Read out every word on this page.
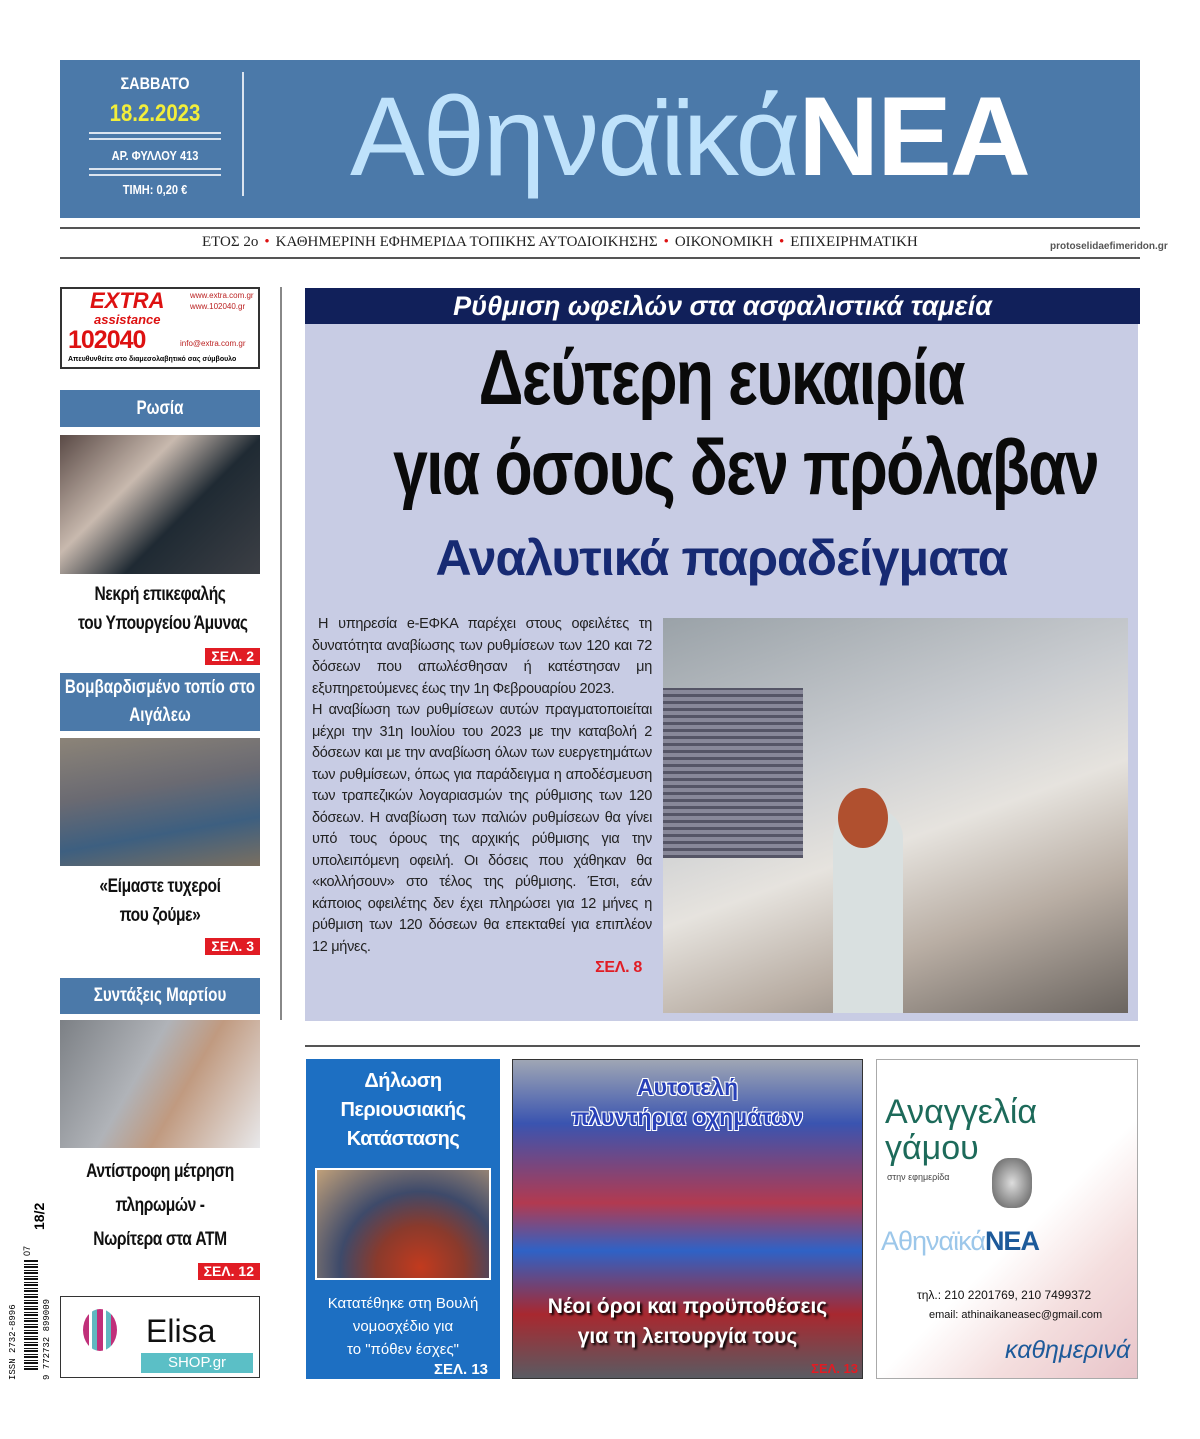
ΣΑΒΒΑΤΟ
18.2.2023
ΑΡ. ΦΥΛΛΟΥ 413
ΤΙΜΗ: 0,20 €	ΑθηναϊκάΝΕΑ
ΕΤΟΣ 2ο • ΚΑΘΗΜΕΡΙΝΗ ΕΦΗΜΕΡΙΔΑ ΤΟΠΙΚΗΣ ΑΥΤΟΔΙΟΙΚΗΣΗΣ • ΟΙΚΟΝΟΜΙΚΗ • ΕΠΙΧΕΙΡΗΜΑΤΙΚΗ	protoselidaefimeridon.gr
EXTRA
assistance
102040
www.extra.com.gr
www.102040.gr
info@extra.com.gr
Απευθυνθείτε στο διαμεσολαβητικό σας σύμβουλο
Ρωσία
Νεκρή επικεφαλής
του Υπουργείου Άμυνας
ΣΕΛ. 2
Βομβαρδισμένο τοπίο στο Αιγάλεω
«Είμαστε τυχεροί
που ζούμε»
ΣΕΛ. 3
Συντάξεις Μαρτίου
Αντίστροφη μέτρηση
πληρωμών -
Νωρίτερα στα ATM
ΣΕΛ. 12
Elisa
SHOP.gr
18/2
ISSN 2732-8996	9 772732 899009
07
Ρύθμιση ωφειλών στα ασφαλιστικά ταμεία
Δεύτερη ευκαιρία
για όσους δεν πρόλαβαν
Αναλυτικά παραδείγματα

Η υπηρεσία e-ΕΦΚΑ παρέχει στους οφειλέτες τη δυνατότητα αναβίωσης των ρυθμίσεων των 120 και 72 δόσεων που απωλέσθησαν ή κατέστησαν μη εξυπηρετούμενες έως την 1η Φεβρουαρίου 2023.

Η αναβίωση των ρυθμίσεων αυτών πραγματοποιείται μέχρι την 31η Ιουλίου του 2023 με την καταβολή 2 δόσεων και με την αναβίωση όλων των ευεργετημάτων των ρυθμίσεων, όπως για παράδειγμα η αποδέσμευση των τραπεζικών λογαριασμών της ρύθμισης των 120 δόσεων. Η αναβίωση των παλιών ρυθμίσεων θα γίνει υπό τους όρους της αρχικής ρύθμισης για την υπολειπόμενη οφειλή. Οι δόσεις που χάθηκαν θα «κολλήσουν» στο τέλος της ρύθμισης. Έτσι, εάν κάποιος οφειλέτης δεν έχει πληρώσει για 12 μήνες η ρύθμιση των 120 δόσεων θα επεκταθεί για επιπλέον 12 μήνες.

ΣΕΛ. 8
Δήλωση
Περιουσιακής
Κατάστασης
Κατατέθηκε στη Βουλή
νομοσχέδιο για
το "πόθεν έσχες"
ΣΕΛ. 13
Αυτοτελή
πλυντήρια οχημάτων
Νέοι όροι και προϋποθέσεις
για τη λειτουργία τους
ΣΕΛ. 13
Αναγγελία
γάμου
στην εφημερίδα
ΑθηναϊκάΝΕΑ
τηλ.: 210 2201769, 210 7499372
email: athinaikaneasec@gmail.com
καθημερινά
